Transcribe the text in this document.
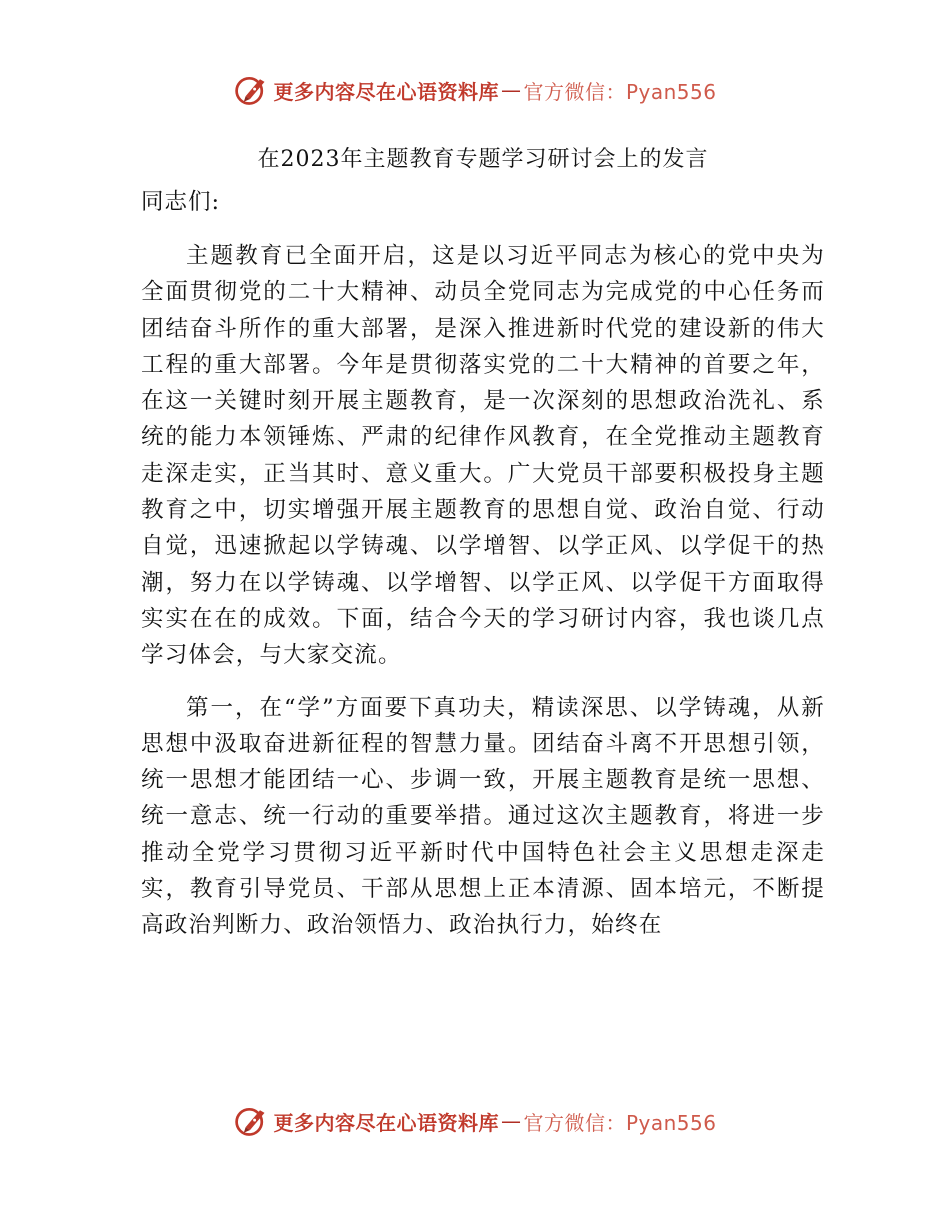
更多内容尽在心语资料库 — 官方微信：Pyan556
在2023年主题教育专题学习研讨会上的发言
同志们:

主题教育已全面开启，这是以习近平同志为核心的党中央为全面贯彻党的二十大精神、动员全党同志为完成党的中心任务而团结奋斗所作的重大部署，是深入推进新时代党的建设新的伟大工程的重大部署。今年是贯彻落实党的二十大精神的首要之年，在这一关键时刻开展主题教育，是一次深刻的思想政治洗礼、系统的能力本领锤炼、严肃的纪律作风教育，在全党推动主题教育走深走实，正当其时、意义重大。广大党员干部要积极投身主题教育之中，切实增强开展主题教育的思想自觉、政治自觉、行动自觉，迅速掀起以学铸魂、以学增智、以学正风、以学促干的热潮，努力在以学铸魂、以学增智、以学正风、以学促干方面取得实实在在的成效。下面，结合今天的学习研讨内容，我也谈几点学习体会，与大家交流。

第一，在“学”方面要下真功夫，精读深思、以学铸魂，从新思想中汲取奋进新征程的智慧力量。团结奋斗离不开思想引领，统一思想才能团结一心、步调一致，开展主题教育是统一思想、统一意志、统一行动的重要举措。通过这次主题教育，将进一步推动全党学习贯彻习近平新时代中国特色社会主义思想走深走实，教育引导党员、干部从思想上正本清源、固本培元，不断提高政治判断力、政治领悟力、政治执行力，始终在

更多内容尽在心语资料库 — 官方微信：Pyan556
